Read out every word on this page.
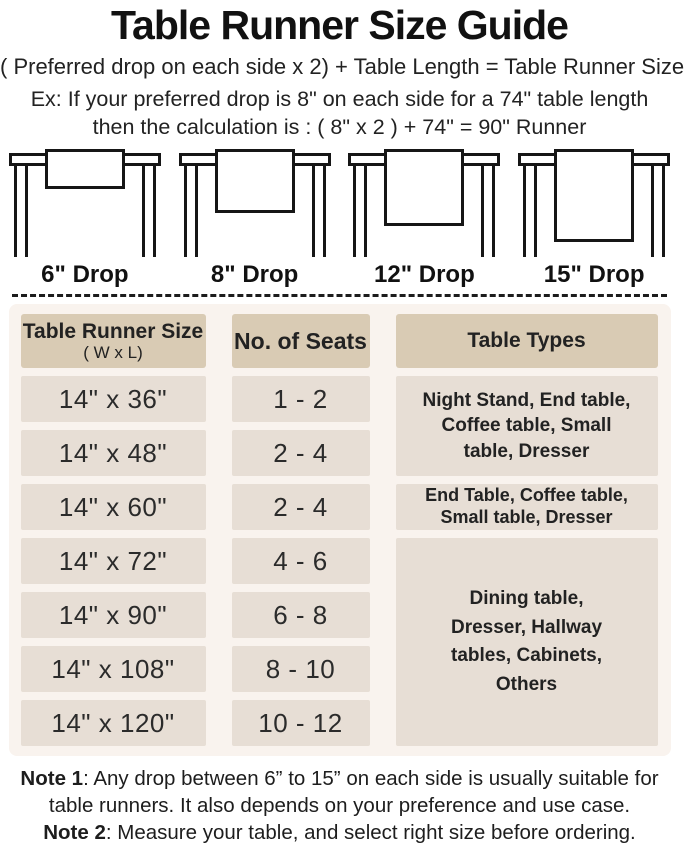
Table Runner Size Guide
( Preferred drop on each side x 2) + Table Length = Table Runner Size
Ex: If your preferred drop is 8" on each side for a 74" table length
then the calculation is : ( 8" x 2 ) + 74" = 90" Runner
6" Drop	8" Drop	12" Drop	15" Drop
Table Runner Size
( W x L)	No. of Seats	Table Types
14" x 36"	1 - 2	Night Stand, End table, Coffee table, Small table, Dresser
14" x 48"	2 - 4
14" x 60"	2 - 4	End Table, Coffee table, Small table, Dresser
14" x 72"	4 - 6
Dining table, Dresser, Hallway tables, Cabinets, Others
14" x 90"	6 - 8
14" x 108"	8 - 10
14" x 120"	10 - 12
Note 1: Any drop between 6” to 15” on each side is usually suitable for table runners. It also depends on your preference and use case.
Note 2: Measure your table, and select right size before ordering.
